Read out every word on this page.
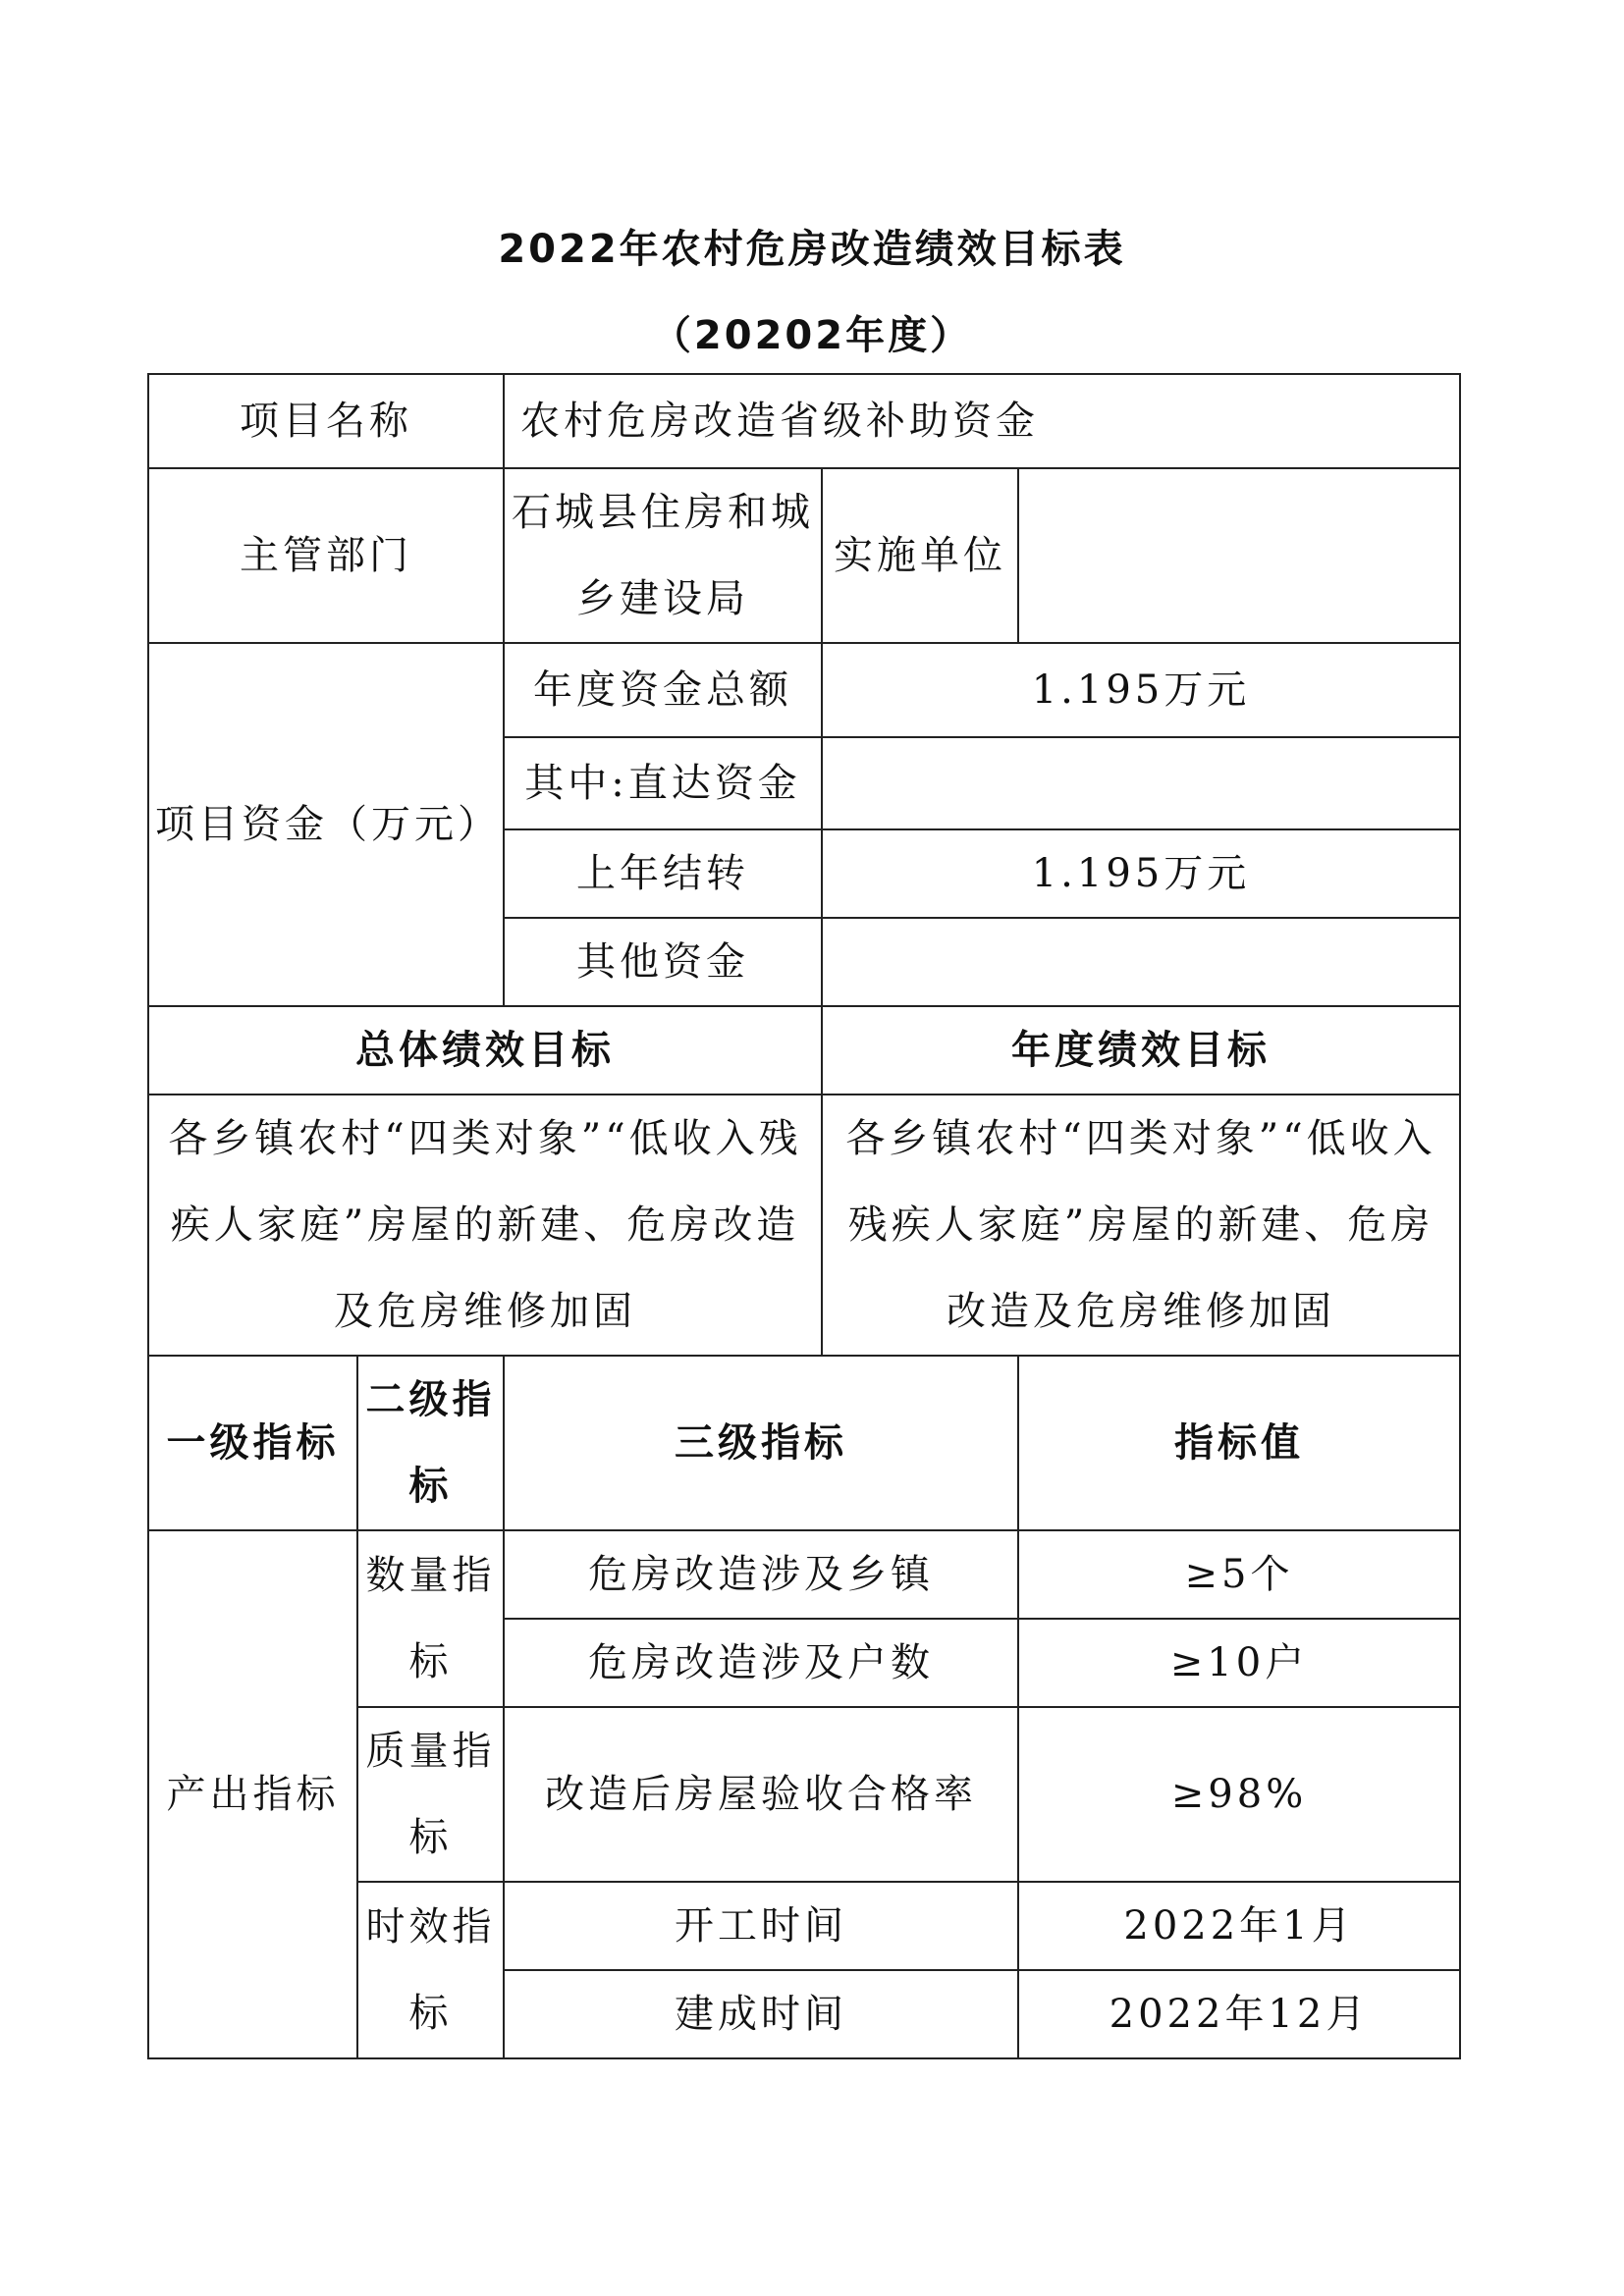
2022年农村危房改造绩效目标表
（20202年度）
项目名称		农村危房改造省级补助资金		
主管部门		石城县住房和城乡建设局	实施单位	
项目资金（万元）		年度资金总额	1.195万元	
		其中:直达资金		
		上年结转	1.195万元	
		其他资金		
总体绩效目标			年度绩效目标	
各乡镇农村“四类对象”“低收入残疾人家庭”房屋的新建、危房改造及危房维修加固			各乡镇农村“四类对象”“低收入残疾人家庭”房屋的新建、危房改造及危房维修加固	
一级指标	二级指标	三级指标		指标值
产出指标	数量指标	危房改造涉及乡镇		≥5个
		危房改造涉及户数		≥10户
	质量指标	改造后房屋验收合格率		≥98%
	时效指标	开工时间		2022年1月
		建成时间		2022年12月
